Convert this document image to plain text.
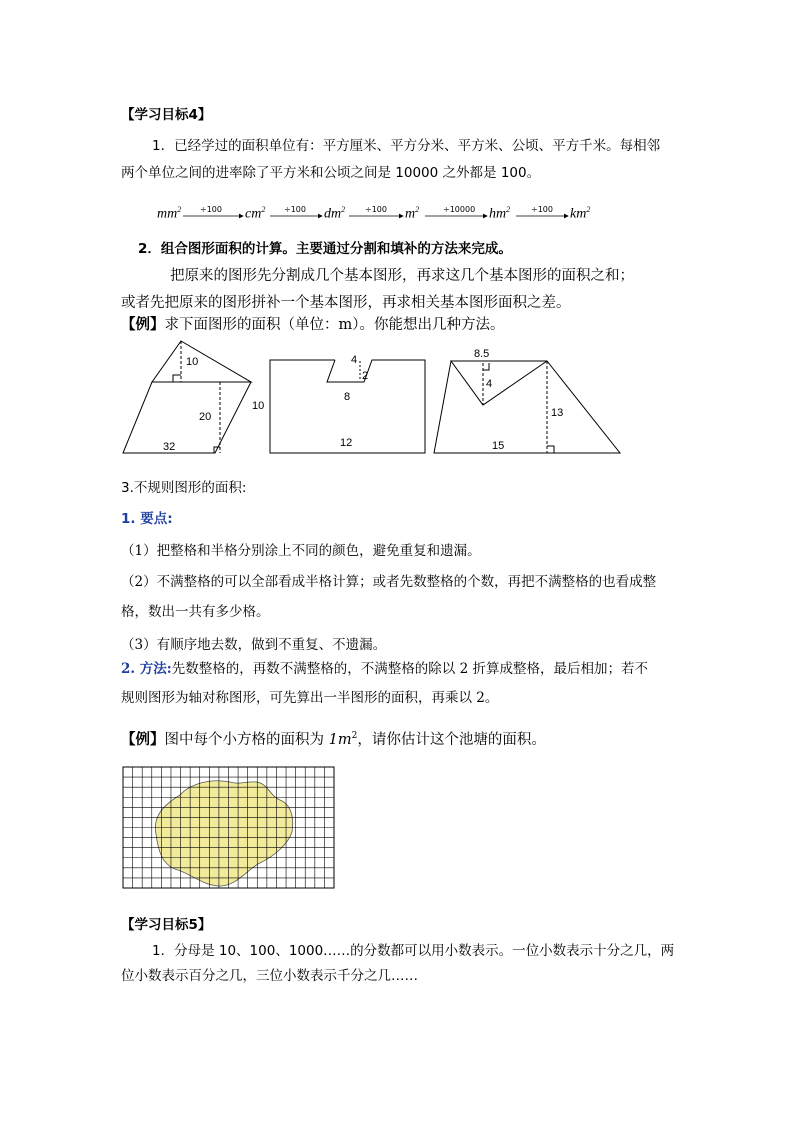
【学习目标4】
1．已经学过的面积单位有：平方厘米、平方分米、平方米、公顷、平方千米。每相邻
两个单位之间的进率除了平方米和公顷之间是 10000 之外都是 100。
$mm^2$	$cm^2$	$dm^2$	$m^2$	$hm^2$	$km^2$
÷100	÷100	÷100	÷10000	÷100
2．组合图形面积的计算。主要通过分割和填补的方法来完成。
把原来的图形先分割成几个基本图形，再求这几个基本图形的面积之和；
或者先把原来的图形拼补一个基本图形，再求相关基本图形面积之差。
【例】求下面图形的面积（单位：m）。你能想出几种方法。
10
20
32
4
2
8
10
12
8.5
4
13
15
3.不规则图形的面积:
1. 要点:
（1）把整格和半格分别涂上不同的颜色，避免重复和遗漏。
（2）不满整格的可以全部看成半格计算；或者先数整格的个数，再把不满整格的也看成整
格，数出一共有多少格。
（3）有顺序地去数，做到不重复、不遗漏。
2. 方法:先数整格的，再数不满整格的，不满整格的除以 2 折算成整格，最后相加；若不
规则图形为轴对称图形，可先算出一半图形的面积，再乘以 2。
【例】图中每个小方格的面积为 $1m^2$，请你估计这个池塘的面积。
【学习目标5】
1．分母是 10、100、1000……的分数都可以用小数表示。一位小数表示十分之几，两
位小数表示百分之几，三位小数表示千分之几……
